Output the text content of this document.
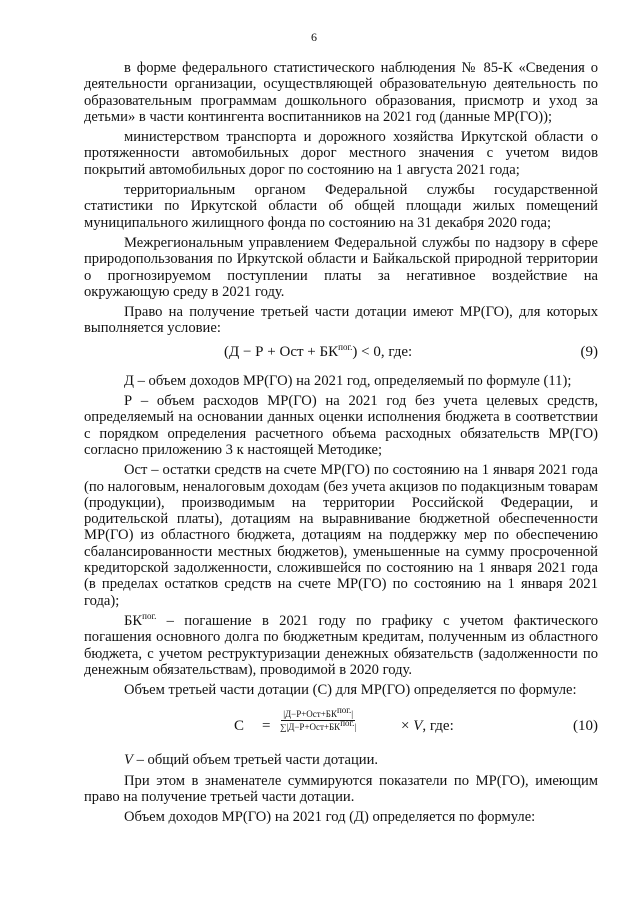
6

в форме федерального статистического наблюдения № 85-К «Сведения о деятельности организации, осуществляющей образовательную деятельность по образовательным программам дошкольного образования, присмотр и уход за детьми» в части контингента воспитанников на 2021 год (данные МР(ГО));

министерством транспорта и дорожного хозяйства Иркутской области о протяженности автомобильных дорог местного значения с учетом видов покрытий автомобильных дорог по состоянию на 1 августа 2021 года;

территориальным органом Федеральной службы государственной статистики по Иркутской области об общей площади жилых помещений муниципального жилищного фонда по состоянию на 31 декабря 2020 года;

Межрегиональным управлением Федеральной службы по надзору в сфере природопользования по Иркутской области и Байкальской природной территории о прогнозируемом поступлении платы за негативное воздействие на окружающую среду в 2021 году.

Право на получение третьей части дотации имеют МР(ГО), для которых выполняется условие:

(Д − Р + Ост + $БК^{пог.}) < 0$, где:	(9)

Д – объем доходов МР(ГО) на 2021 год, определяемый по формуле (11);

Р – объем расходов МР(ГО) на 2021 год без учета целевых средств, определяемый на основании данных оценки исполнения бюджета в соответствии с порядком определения расчетного объема расходных обязательств МР(ГО) согласно приложению 3 к настоящей Методике;

Ост – остатки средств на счете МР(ГО) по состоянию на 1 января 2021 года (по налоговым, неналоговым доходам (без учета акцизов по подакцизным товарам (продукции), производимым на территории Российской Федерации, и родительской платы), дотациям на выравнивание бюджетной обеспеченности МР(ГО) из областного бюджета, дотациям на поддержку мер по обеспечению сбалансированности местных бюджетов), уменьшенные на сумму просроченной кредиторской задолженности, сложившейся по состоянию на 1 января 2021 года (в пределах остатков средств на счете МР(ГО) по состоянию на 1 января 2021 года);

$БК^{пог.}$ – погашение в 2021 году по графику с учетом фактического погашения основного долга по бюджетным кредитам, полученным из областного бюджета, с учетом реструктуризации денежных обязательств (задолженности по денежным обязательствам), проводимой в 2020 году.

Объем третьей части дотации (С) для МР(ГО) определяется по формуле:

С =
$|Д-Р+Ост+БК^{пог.}|$
$\sum|Д-Р+Ост+БК^{пог.}|$	× V, где:	(10)

V – общий объем третьей части дотации.

При этом в знаменателе суммируются показатели по МР(ГО), имеющим право на получение третьей части дотации.

Объем доходов МР(ГО) на 2021 год (Д) определяется по формуле:
